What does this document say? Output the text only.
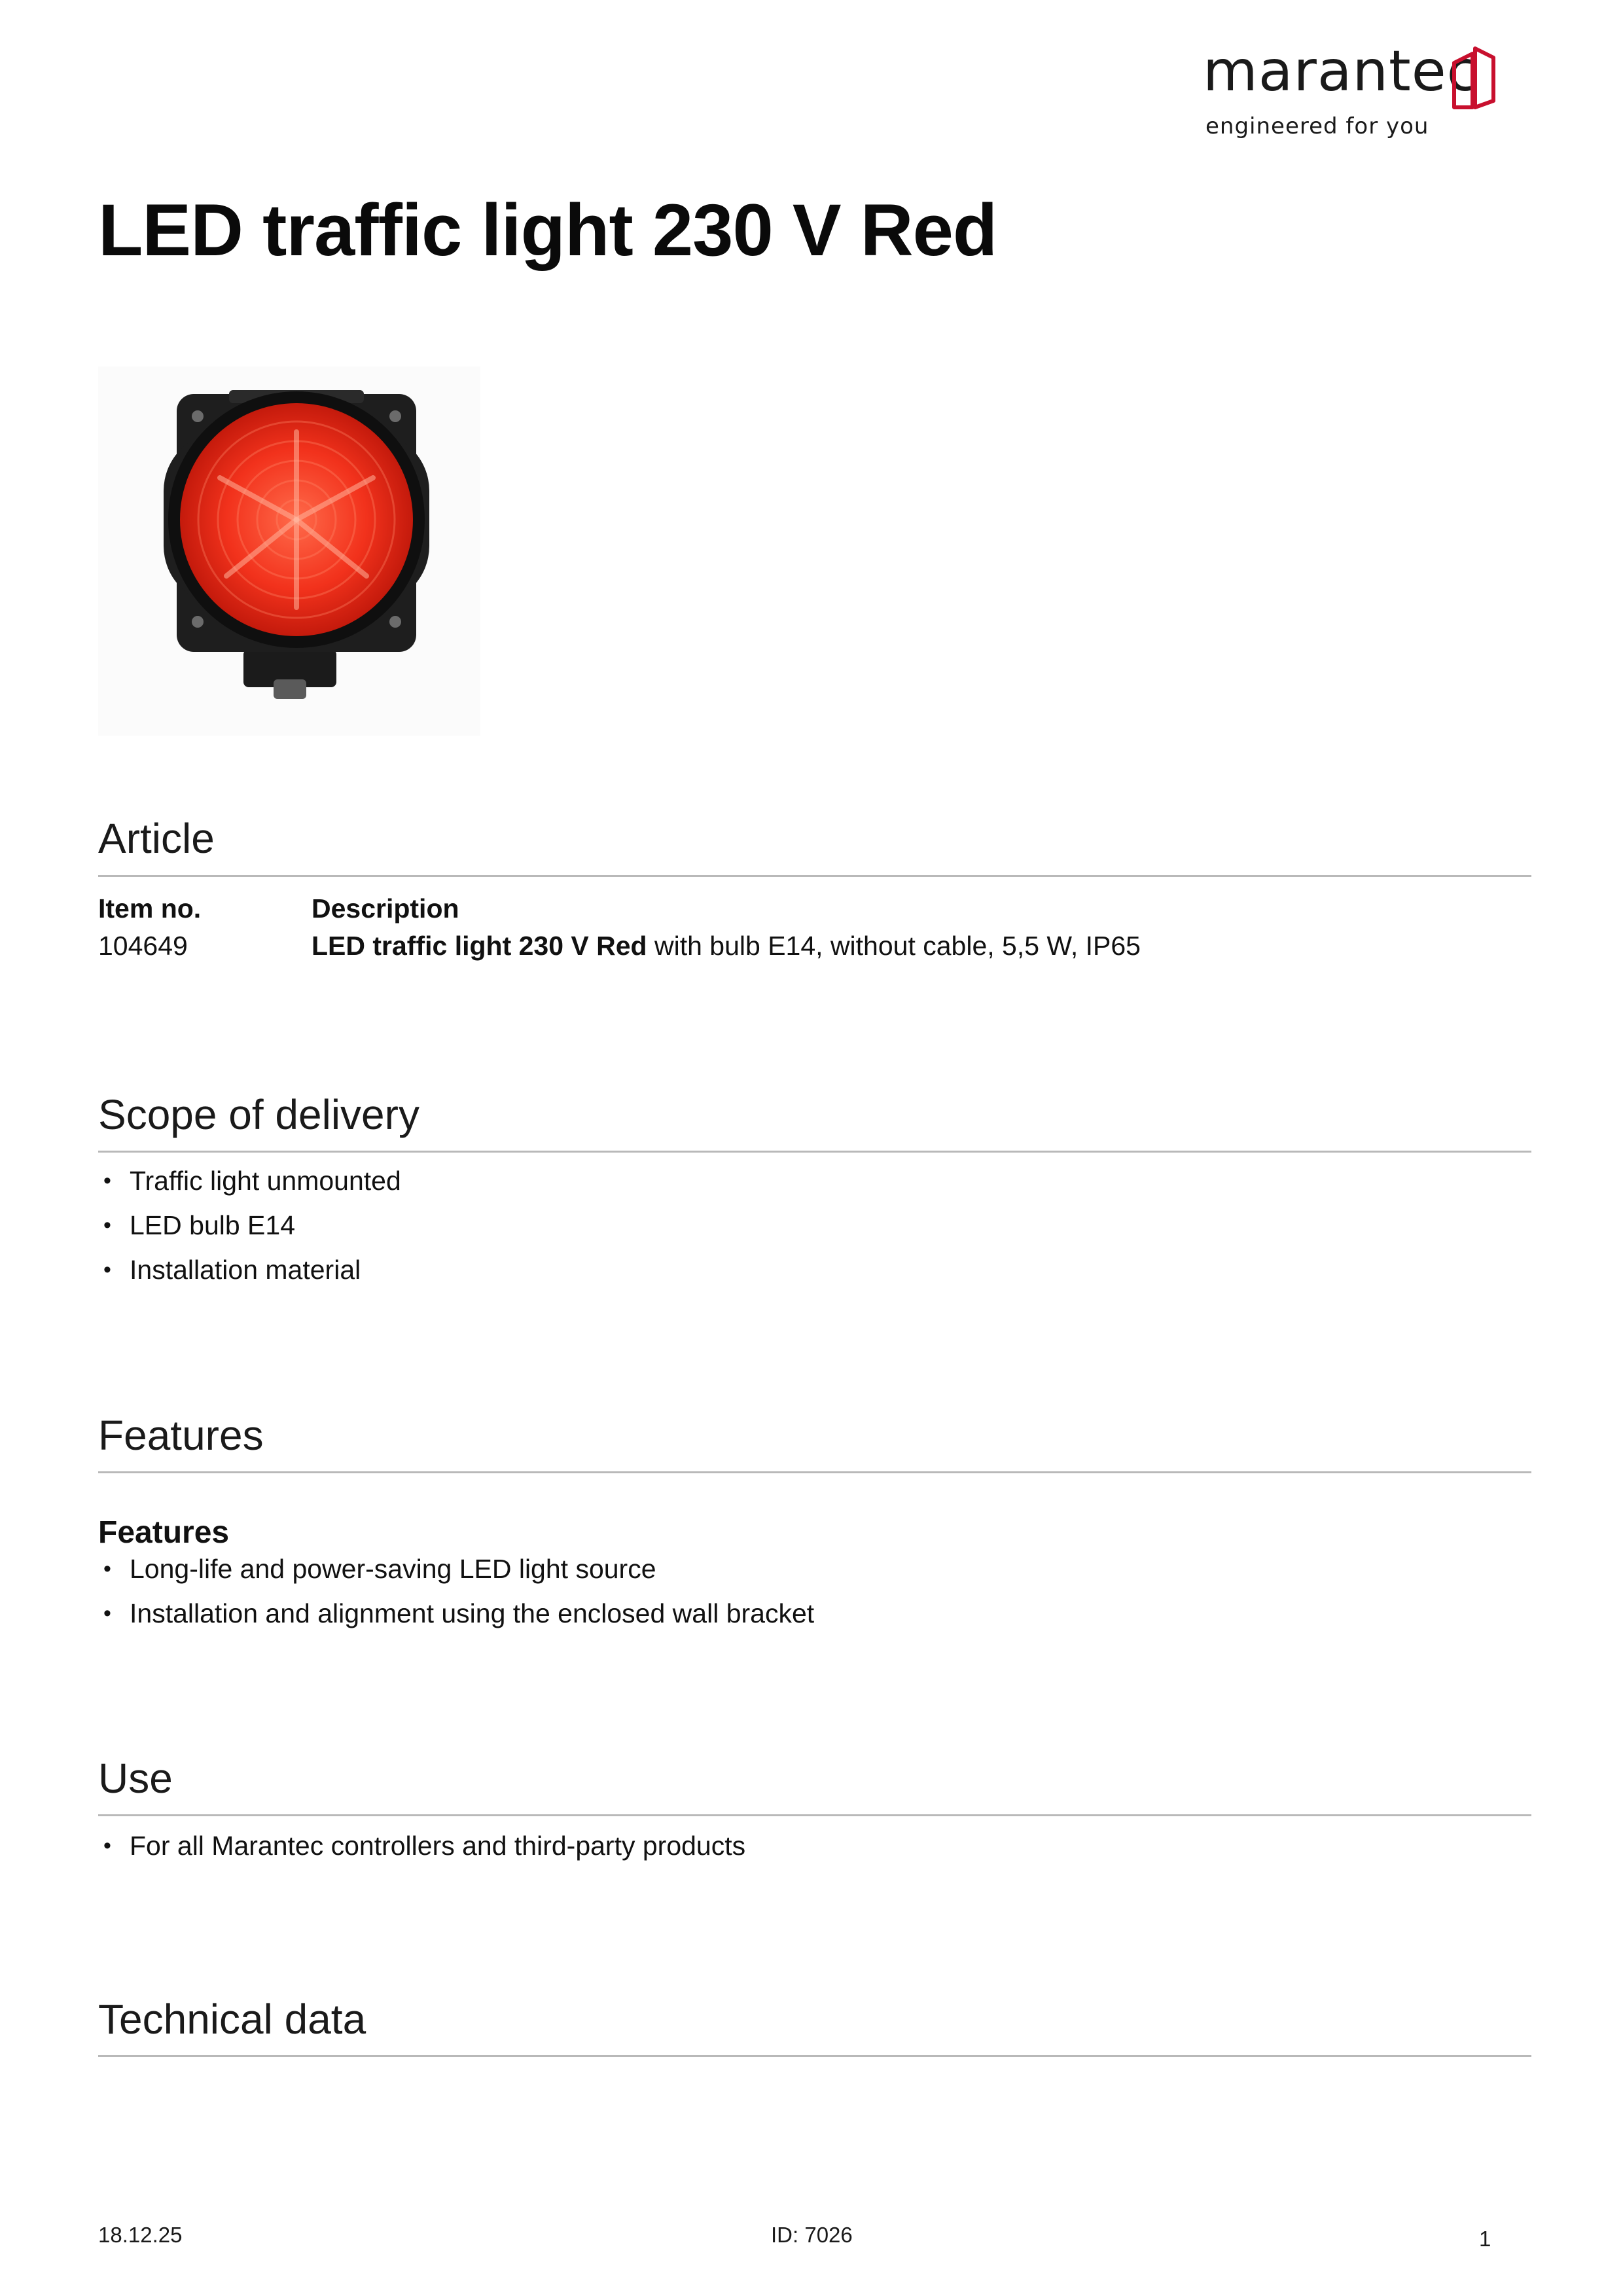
marantec
engineered for you
LED traffic light 230 V Red
Article
Item no.	Description
104649	LED traffic light 230 V Red with bulb E14, without cable, 5,5 W, IP65
Scope of delivery
• Traffic light unmounted
• LED bulb E14
• Installation material
Features
Features
• Long-life and power-saving LED light source
• Installation and alignment using the enclosed wall bracket
Use
• For all Marantec controllers and third-party products
Technical data
18.12.25	ID: 7026	1
